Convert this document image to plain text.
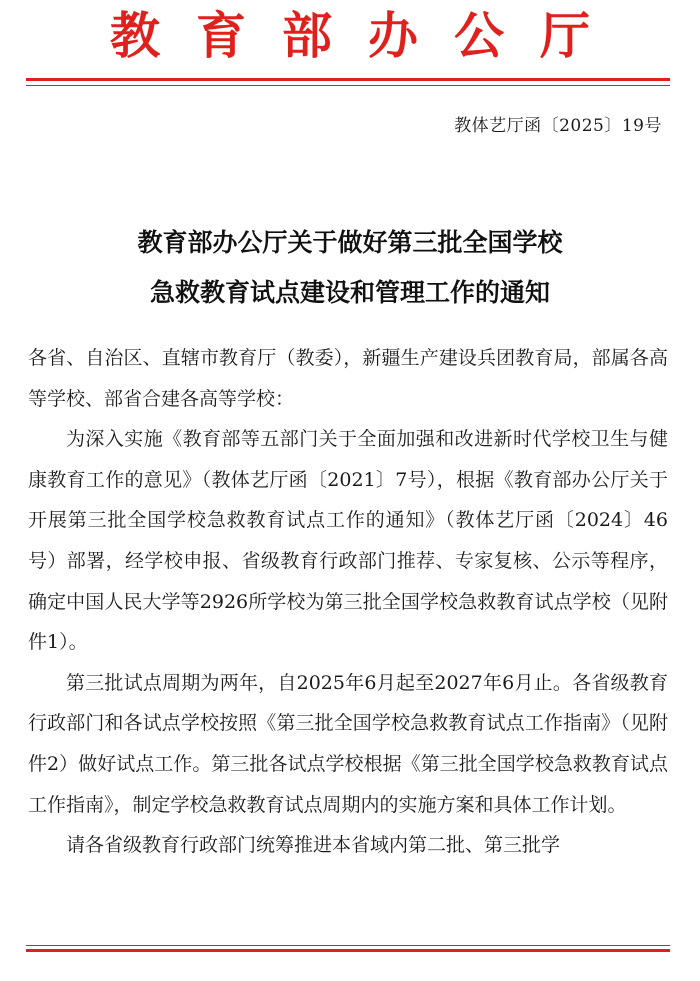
教育部办公厅
教体艺厅函〔2025〕19号
教育部办公厅关于做好第三批全国学校
急救教育试点建设和管理工作的通知

各省、自治区、直辖市教育厅（教委），新疆生产建设兵团教育局，部属各高等学校、部省合建各高等学校：

为深入实施《教育部等五部门关于全面加强和改进新时代学校卫生与健康教育工作的意见》（教体艺厅函〔2021〕7号），根据《教育部办公厅关于开展第三批全国学校急救教育试点工作的通知》（教体艺厅函〔2024〕46号）部署，经学校申报、省级教育行政部门推荐、专家复核、公示等程序，确定中国人民大学等2926所学校为第三批全国学校急救教育试点学校（见附件1）。

第三批试点周期为两年，自2025年6月起至2027年6月止。各省级教育行政部门和各试点学校按照《第三批全国学校急救教育试点工作指南》（见附件2）做好试点工作。第三批各试点学校根据《第三批全国学校急救教育试点工作指南》，制定学校急救教育试点周期内的实施方案和具体工作计划。

请各省级教育行政部门统筹推进本省域内第二批、第三批学
